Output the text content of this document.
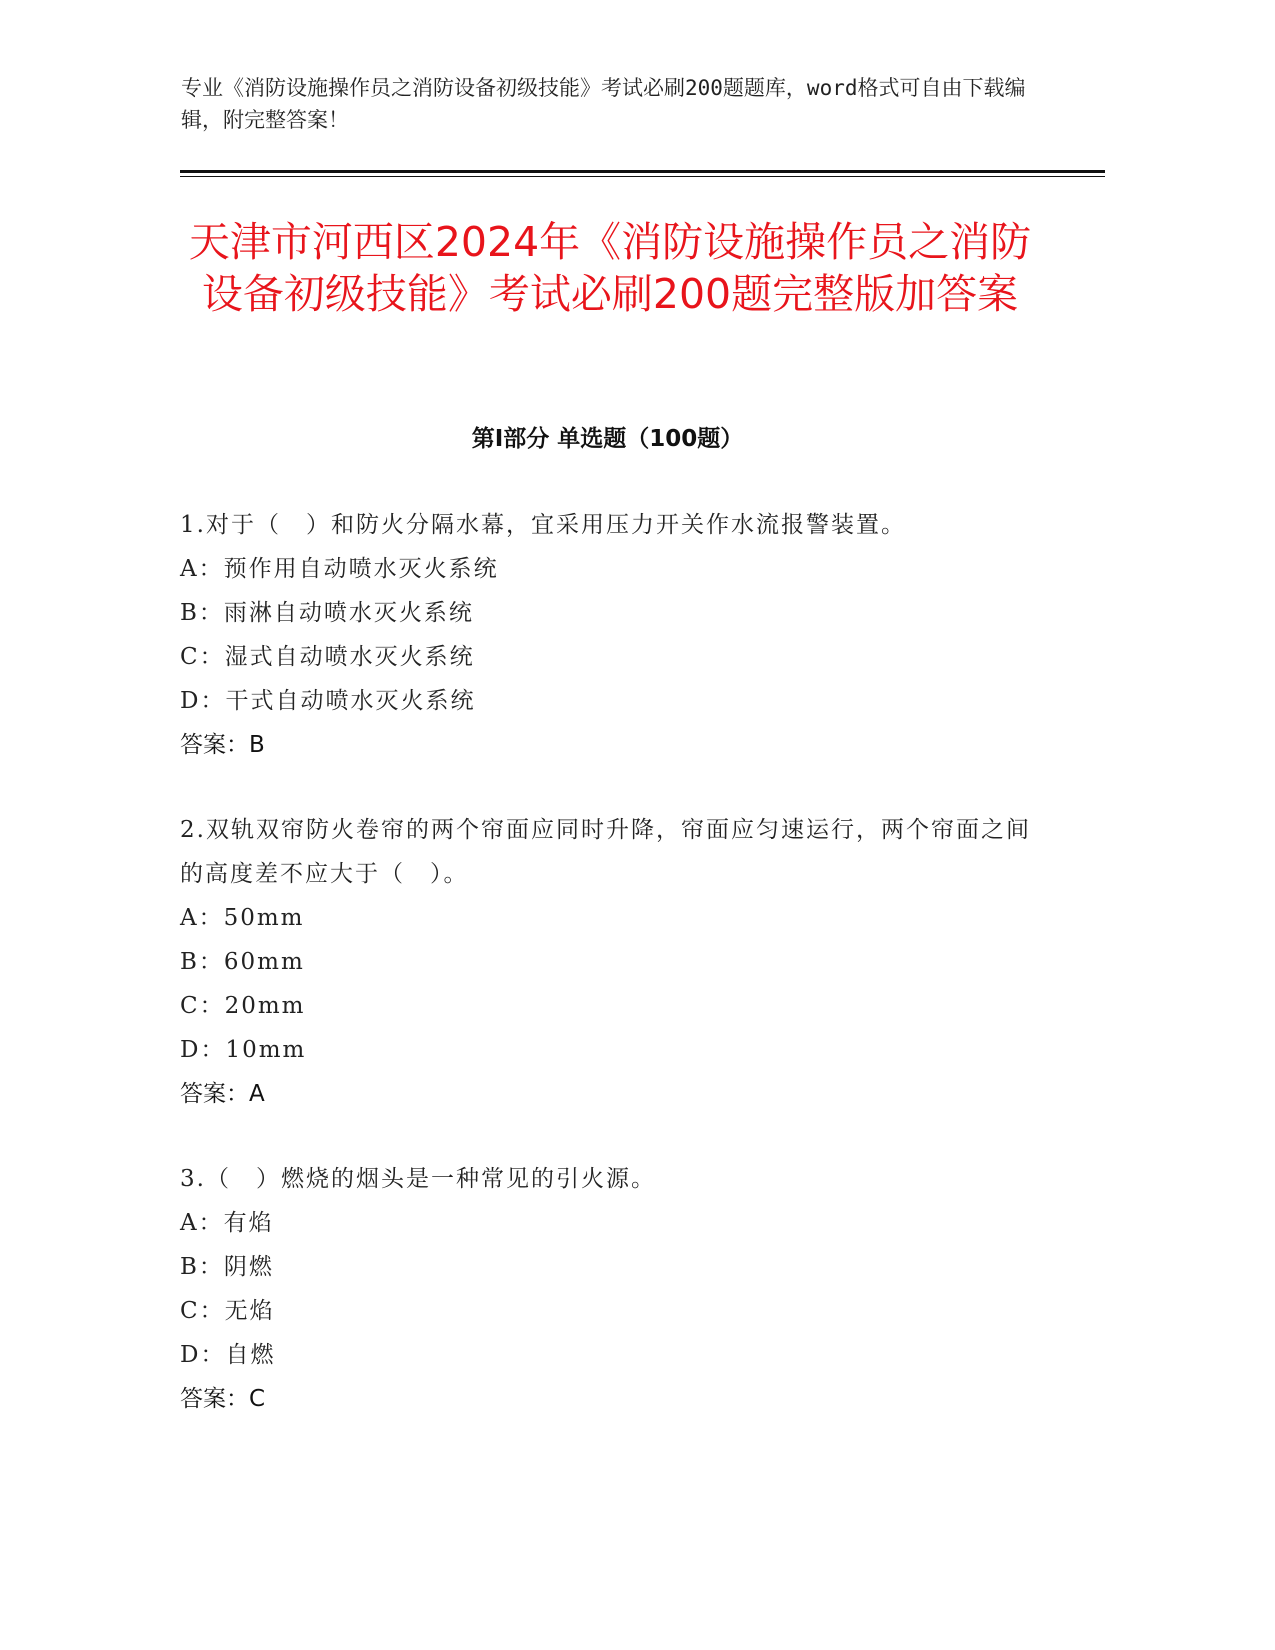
专业《消防设施操作员之消防设备初级技能》考试必刷200题题库，word格式可自由下载编辑，附完整答案！
天津市河西区2024年《消防设施操作员之消防设备初级技能》考试必刷200题完整版加答案
第Ⅰ部分 单选题（100题）
1.对于（　）和防火分隔水幕，宜采用压力开关作水流报警装置。
A：预作用自动喷水灭火系统
B：雨淋自动喷水灭火系统
C：湿式自动喷水灭火系统
D：干式自动喷水灭火系统
答案：B
2.双轨双帘防火卷帘的两个帘面应同时升降，帘面应匀速运行，两个帘面之间的高度差不应大于（　）。
A：50mm
B：60mm
C：20mm
D：10mm
答案：A
3.（　）燃烧的烟头是一种常见的引火源。
A：有焰
B：阴燃
C：无焰
D：自燃
答案：C
